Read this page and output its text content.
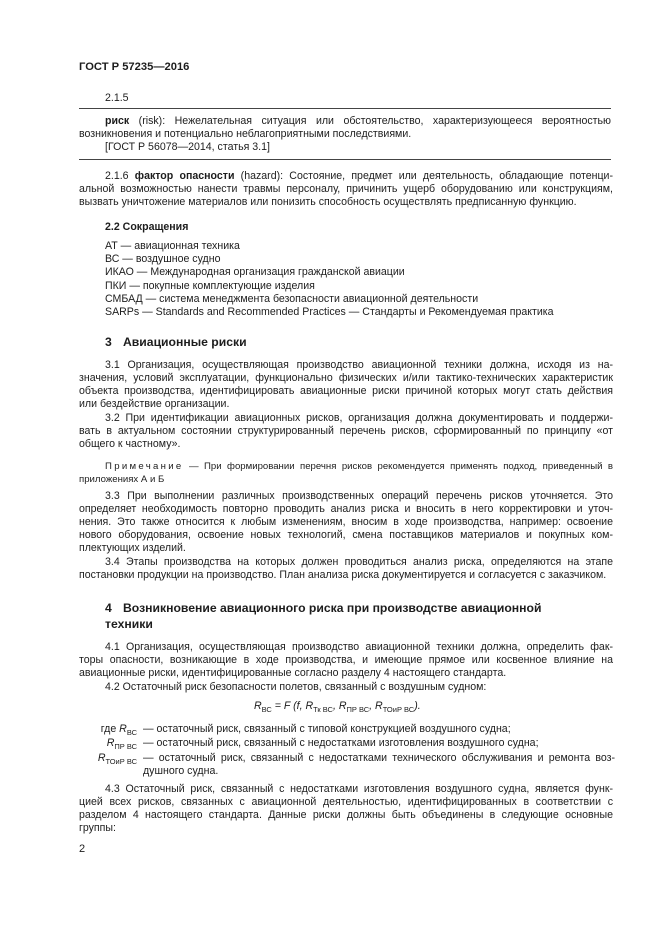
ГОСТ Р 57235—2016
2.1.5

риск (risk): Нежелательная ситуация или обстоятельство, характеризующееся вероятностью

возникновения и потенциально неблагоприятными последствиями.

[ГОСТ Р 56078—2014, статья 3.1]

2.1.6 фактор опасности (hazard): Состояние, предмет или деятельность, обладающие потенци-

альной возможностью нанести травмы персоналу, причинить ущерб оборудованию или конструкциям,
вызвать уничтожение материалов или понизить способность осуществлять предписанную функцию.
2.2 Сокращения
АТ — авиационная техника
ВС — воздушное судно
ИКАО — Международная организация гражданской авиации
ПКИ — покупные комплектующие изделия
СМБАД — система менеджмента безопасности авиационной деятельности
SARPs — Standards and Recommended Practices — Стандарты и Рекомендуемая практика
3 Авиационные риски

3.1 Организация, осуществляющая производство авиационной техники должна, исходя из на-

значения, условий эксплуатации, функционально физических и/или тактико-технических характеристик
объекта производства, идентифицировать авиационные риски причиной которых могут стать действия
или бездействие организации.

3.2 При идентификации авиационных рисков, организация должна документировать и поддержи-

вать в актуальном состоянии структурированный перечень рисков, сформированный по принципу «от
общего к частному».

Примечание — При формировании перечня рисков рекомендуется применять подход, приведенный в

приложениях А и Б

3.3 При выполнении различных производственных операций перечень рисков уточняется. Это

определяет необходимость повторно проводить анализ риска и вносить в него корректировки и уточ-
нения. Это также относится к любым изменениям, вносим в ходе производства, например: освоение
нового оборудования, освоение новых технологий, смена поставщиков материалов и покупных ком-
плектующих изделий.

3.4 Этапы производства на которых должен проводиться анализ риска, определяются на этапе

постановки продукции на производство. План анализа риска документируется и согласуется с заказчиком.
4 Возникновение авиационного риска при производстве авиационной
техники

4.1 Организация, осуществляющая производство авиационной техники должна, определить фак-

торы опасности, возникающие в ходе производства, и имеющие прямое или косвенное влияние на
авиационные риски, идентифицированные согласно разделу 4 настоящего стандарта.

4.2 Остаточный риск безопасности полетов, связанный с воздушным судном:

$R_{ВС} = F$ (f, $R_{Тк ВС}$, $R_{ПР ВС}$, $R_{ТОиР ВС}$).
где $R_{ВС}$ — остаточный риск, связанный с типовой конструкцией воздушного судна;
$R_{ПР ВС}$ — остаточный риск, связанный с недостатками изготовления воздушного судна;
$R_{ТОиР ВС}$ — остаточный риск, связанный с недостатками технического обслуживания и ремонта воз-
душного судна.

4.3 Остаточный риск, связанный с недостатками изготовления воздушного судна, является функ-

цией всех рисков, связанных с авиационной деятельностью, идентифицированных в соответствии с
разделом 4 настоящего стандарта. Данные риски должны быть объединены в следующие основные
группы:
2
